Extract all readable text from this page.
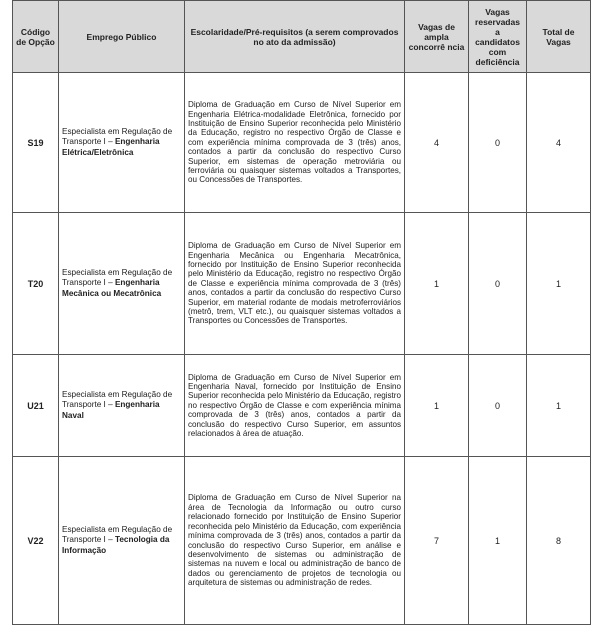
Código de Opção	Emprego Público	Escolaridade/Pré-requisitos (a serem comprovados no ato da admissão)	Vagas de ampla concorrê ncia	Vagas reservadas a candidatos com deficiência	Total de Vagas
S19	Especialista em Regulação de Transporte I – Engenharia Elétrica/Eletrônica	Diploma de Graduação em Curso de Nível Superior em Engenharia Elétrica-modalidade Eletrônica, fornecido por Instituição de Ensino Superior reconhecida pelo Ministério da Educação, registro no respectivo Órgão de Classe e com experiência mínima comprovada de 3 (três) anos, contados a partir da conclusão do respectivo Curso Superior, em sistemas de operação metroviária ou ferroviária ou quaisquer sistemas voltados a Transportes, ou Concessões de Transportes.	4	0	4
T20	Especialista em Regulação de Transporte I – Engenharia Mecânica ou Mecatrônica	Diploma de Graduação em Curso de Nível Superior em Engenharia Mecânica ou Engenharia Mecatrônica, fornecido por Instituição de Ensino Superior reconhecida pelo Ministério da Educação, registro no respectivo Órgão de Classe e experiência mínima comprovada de 3 (três) anos, contados a partir da conclusão do respectivo Curso Superior, em material rodante de modais metroferroviários (metrô, trem, VLT etc.), ou quaisquer sistemas voltados a Transportes ou Concessões de Transportes.	1	0	1
U21	Especialista em Regulação de Transporte I – Engenharia Naval	Diploma de Graduação em Curso de Nível Superior em Engenharia Naval, fornecido por Instituição de Ensino Superior reconhecida pelo Ministério da Educação, registro no respectivo Órgão de Classe e com experiência mínima comprovada de 3 (três) anos, contados a partir da conclusão do respectivo Curso Superior, em assuntos relacionados à área de atuação.	1	0	1
V22	Especialista em Regulação de Transporte I – Tecnologia da Informação	Diploma de Graduação em Curso de Nível Superior na área de Tecnologia da Informação ou outro curso relacionado fornecido por Instituição de Ensino Superior reconhecida pelo Ministério da Educação, com experiência mínima comprovada de 3 (três) anos, contados a partir da conclusão do respectivo Curso Superior, em análise e desenvolvimento de sistemas ou administração de sistemas na nuvem e local ou administração de banco de dados ou gerenciamento de projetos de tecnologia ou arquitetura de sistemas ou administração de redes.	7	1	8
